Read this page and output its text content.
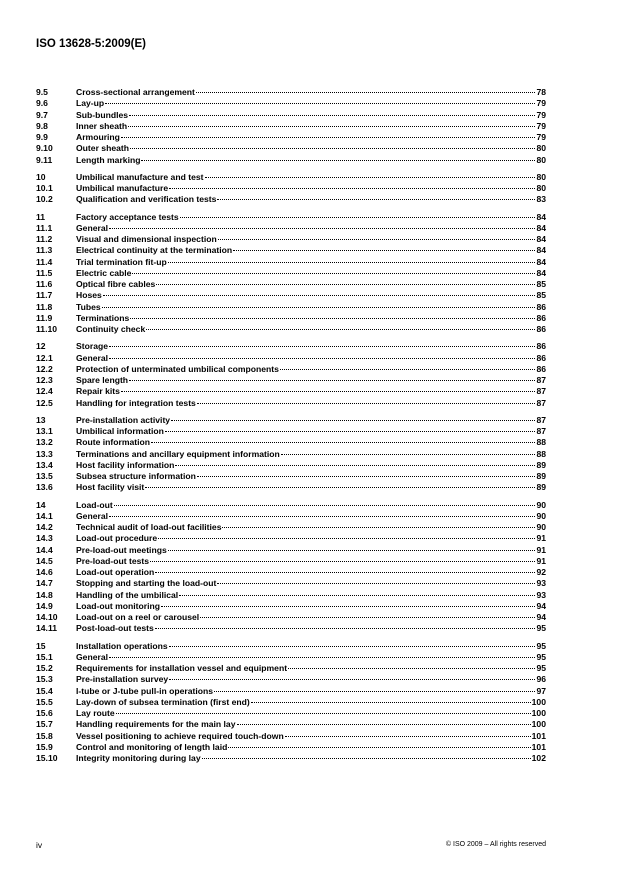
ISO 13628-5:2009(E)
9.5	Cross-sectional arrangement	78
9.6	Lay-up	79
9.7	Sub-bundles	79
9.8	Inner sheath	79
9.9	Armouring	79
9.10	Outer sheath	80
9.11	Length marking	80
10	Umbilical manufacture and test	80
10.1	Umbilical manufacture	80
10.2	Qualification and verification tests	83
11	Factory acceptance tests	84
11.1	General	84
11.2	Visual and dimensional inspection	84
11.3	Electrical continuity at the termination	84
11.4	Trial termination fit-up	84
11.5	Electric cable	84
11.6	Optical fibre cables	85
11.7	Hoses	85
11.8	Tubes	86
11.9	Terminations	86
11.10	Continuity check	86
12	Storage	86
12.1	General	86
12.2	Protection of unterminated umbilical components	86
12.3	Spare length	87
12.4	Repair kits	87
12.5	Handling for integration tests	87
13	Pre-installation activity	87
13.1	Umbilical information	87
13.2	Route information	88
13.3	Terminations and ancillary equipment information	88
13.4	Host facility information	89
13.5	Subsea structure information	89
13.6	Host facility visit	89
14	Load-out	90
14.1	General	90
14.2	Technical audit of load-out facilities	90
14.3	Load-out procedure	91
14.4	Pre-load-out meetings	91
14.5	Pre-load-out tests	91
14.6	Load-out operation	92
14.7	Stopping and starting the load-out	93
14.8	Handling of the umbilical	93
14.9	Load-out monitoring	94
14.10	Load-out on a reel or carousel	94
14.11	Post-load-out tests	95
15	Installation operations	95
15.1	General	95
15.2	Requirements for installation vessel and equipment	95
15.3	Pre-installation survey	96
15.4	I-tube or J-tube pull-in operations	97
15.5	Lay-down of subsea termination (first end)	100
15.6	Lay route	100
15.7	Handling requirements for the main lay	100
15.8	Vessel positioning to achieve required touch-down	101
15.9	Control and monitoring of length laid	101
15.10	Integrity monitoring during lay	102
iv	© ISO 2009 – All rights reserved
